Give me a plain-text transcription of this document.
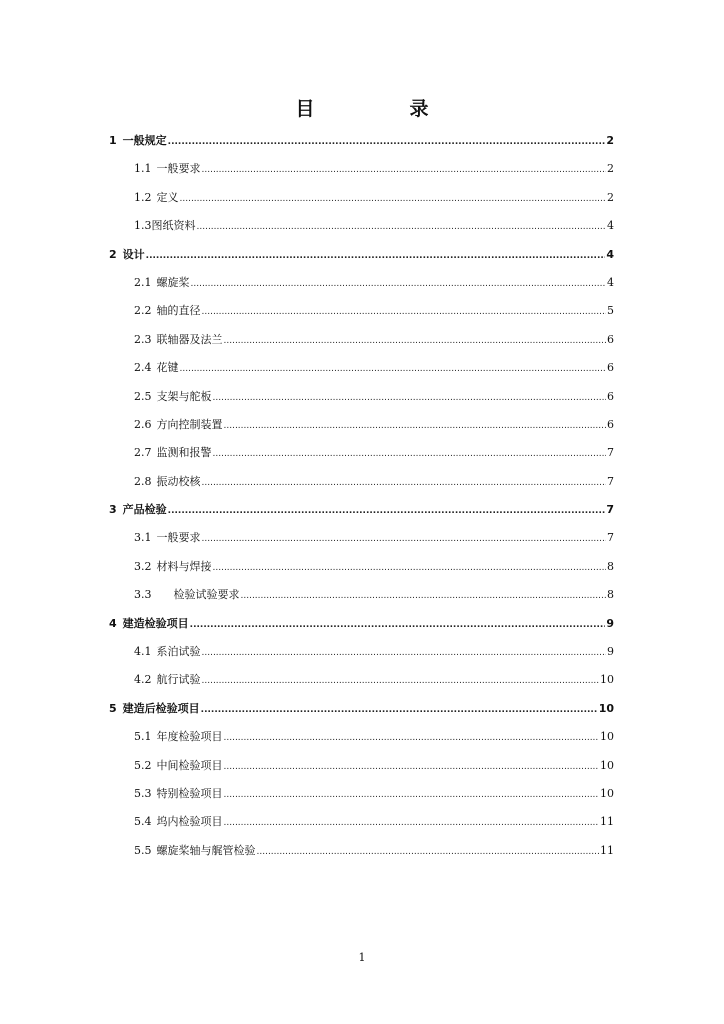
目　录
1 一般规定 .....	2
1.1 一般要求 .....	2
1.2 定义 .....	2
1.3 图纸资料 .....	4
2 设计 .....	4
2.1 螺旋桨 .....	4
2.2 轴的直径 .....	5
2.3 联轴器及法兰 .....	6
2.4 花键 .....	6
2.5 支架与舵板 .....	6
2.6 方向控制装置 .....	6
2.7 监测和报警 .....	7
2.8 振动校核 .....	7
3 产品检验 .....	7
3.1 一般要求 .....	7
3.2 材料与焊接 .....	8
3.3	检验试验要求 .....	8
4 建造检验项目 .....	9
4.1 系泊试验 .....	9
4.2 航行试验 .....	10
5 建造后检验项目 .....	10
5.1 年度检验项目 .....	10
5.2 中间检验项目 .....	10
5.3 特别检验项目 .....	10
5.4 坞内检验项目 .....	11
5.5 螺旋桨轴与艉管检验 .....	11
1
